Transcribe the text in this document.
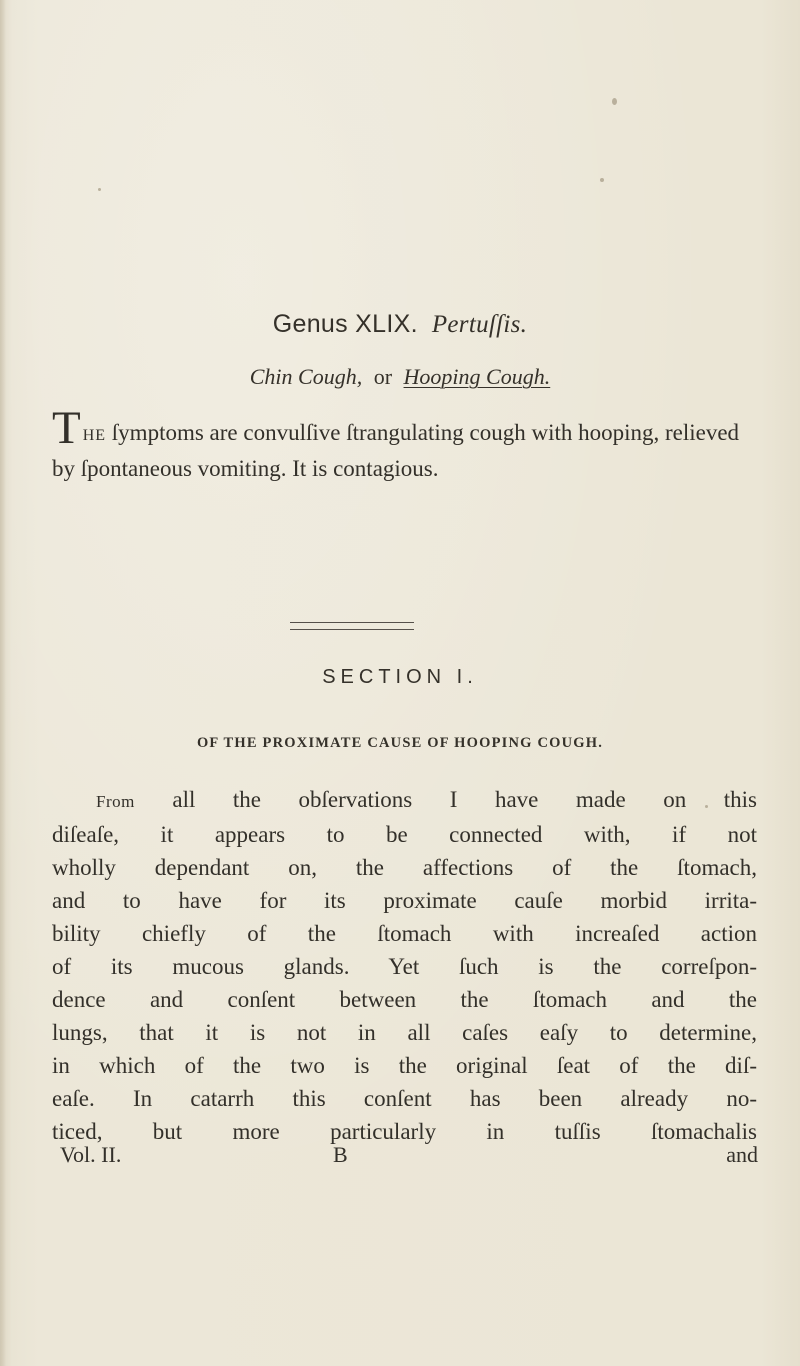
Genus XLIX. Pertuſſis.
Chin Cough, or Hooping Cough.

THE ſymptoms are convulſive ſtrangulating cough with hooping, relieved by ſpontaneous vomiting. It is contagious.

SECTION I.
OF THE PROXIMATE CAUSE OF HOOPING COUGH.
From all the obſervations I have made on this
diſeaſe, it appears to be connected with, if not
wholly dependant on, the affections of the ſtomach,
and to have for its proximate cauſe morbid irrita-
bility chiefly of the ſtomach with increaſed action
of its mucous glands. Yet ſuch is the correſpon-
dence and conſent between the ſtomach and the
lungs, that it is not in all caſes eaſy to determine,
in which of the two is the original ſeat of the diſ-
eaſe. In catarrh this conſent has been already no-
ticed, but more particularly in tuſſis ſtomachalis
Vol. II.	B	and
